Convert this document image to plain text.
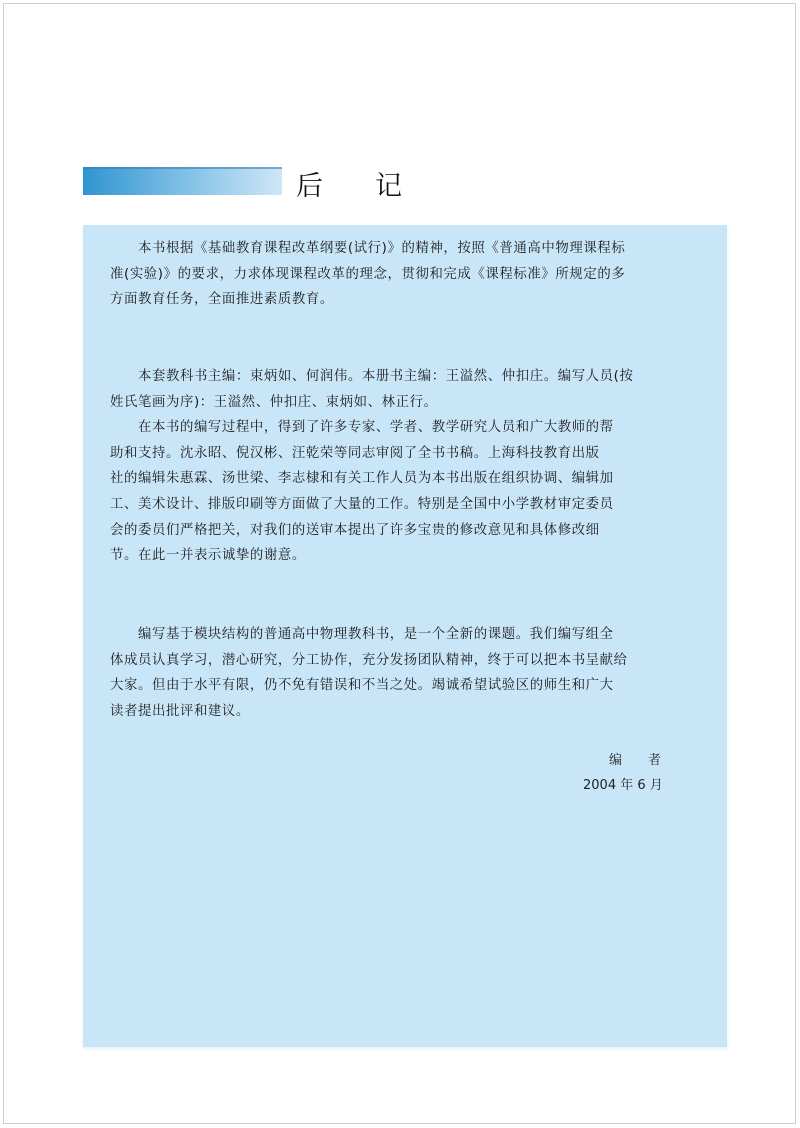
后 记
　　本书根据《基础教育课程改革纲要(试行)》的精神，按照《普通高中物理课程标
准(实验)》的要求，力求体现课程改革的理念，贯彻和完成《课程标准》所规定的多
方面教育任务，全面推进素质教育。
　　本套教科书主编：束炳如、何润伟。本册书主编：王溢然、仲扣庄。编写人员(按
姓氏笔画为序)：王溢然、仲扣庄、束炳如、林正行。
　　在本书的编写过程中，得到了许多专家、学者、教学研究人员和广大教师的帮
助和支持。沈永昭、倪汉彬、汪乾荣等同志审阅了全书书稿。上海科技教育出版
社的编辑朱惠霖、汤世梁、李志棣和有关工作人员为本书出版在组织协调、编辑加
工、美术设计、排版印刷等方面做了大量的工作。特别是全国中小学教材审定委员
会的委员们严格把关，对我们的送审本提出了许多宝贵的修改意见和具体修改细
节。在此一并表示诚挚的谢意。
　　编写基于模块结构的普通高中物理教科书，是一个全新的课题。我们编写组全
体成员认真学习，潜心研究，分工协作，充分发扬团队精神，终于可以把本书呈献给
大家。但由于水平有限，仍不免有错误和不当之处。竭诚希望试验区的师生和广大
读者提出批评和建议。
编　　者
2004 年 6 月
